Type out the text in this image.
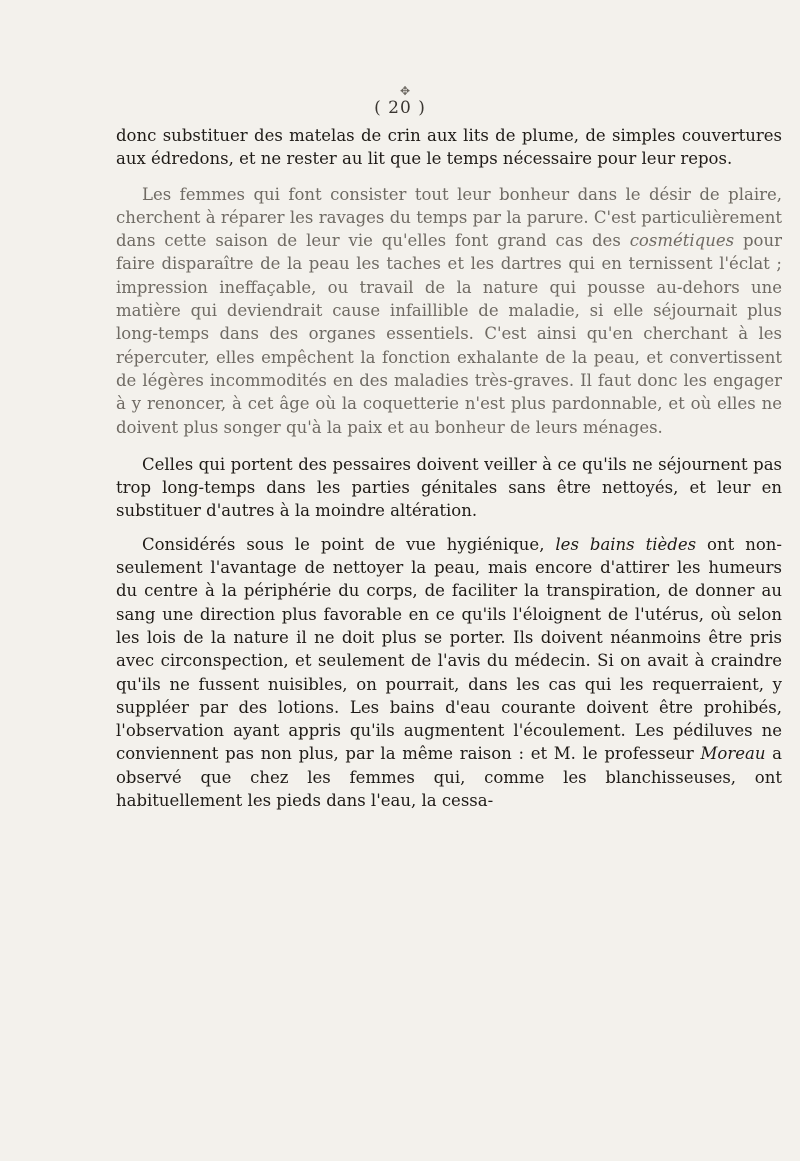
✥
( 20 )

donc substituer des matelas de crin aux lits de plume, de simples couvertures aux édredons, et ne rester au lit que le temps nécessaire pour leur repos.

Les femmes qui font consister tout leur bonheur dans le désir de plaire, cherchent à réparer les ravages du temps par la parure. C'est particulièrement dans cette saison de leur vie qu'elles font grand cas des cosmétiques pour faire disparaître de la peau les taches et les dartres qui en ternissent l'éclat ; impression ineffaçable, ou travail de la nature qui pousse au-dehors une matière qui deviendrait cause infaillible de maladie, si elle séjournait plus long-temps dans des organes essentiels. C'est ainsi qu'en cherchant à les répercuter, elles empêchent la fonction exhalante de la peau, et convertissent de légères incommodités en des maladies très-graves. Il faut donc les engager à y renoncer, à cet âge où la coquetterie n'est plus pardonnable, et où elles ne doivent plus songer qu'à la paix et au bonheur de leurs ménages.

Celles qui portent des pessaires doivent veiller à ce qu'ils ne séjournent pas trop long-temps dans les parties génitales sans être nettoyés, et leur en substituer d'autres à la moindre altération.

Considérés sous le point de vue hygiénique, les bains tièdes ont non-seulement l'avantage de nettoyer la peau, mais encore d'attirer les humeurs du centre à la périphérie du corps, de faciliter la transpiration, de donner au sang une direction plus favorable en ce qu'ils l'éloignent de l'utérus, où selon les lois de la nature il ne doit plus se porter. Ils doivent néanmoins être pris avec circonspection, et seulement de l'avis du médecin. Si on avait à craindre qu'ils ne fussent nuisibles, on pourrait, dans les cas qui les requerraient, y suppléer par des lotions. Les bains d'eau courante doivent être prohibés, l'observation ayant appris qu'ils augmentent l'écoulement. Les pédiluves ne conviennent pas non plus, par la même raison : et M. le professeur Moreau a observé que chez les femmes qui, comme les blanchisseuses, ont habituellement les pieds dans l'eau, la cessa-
